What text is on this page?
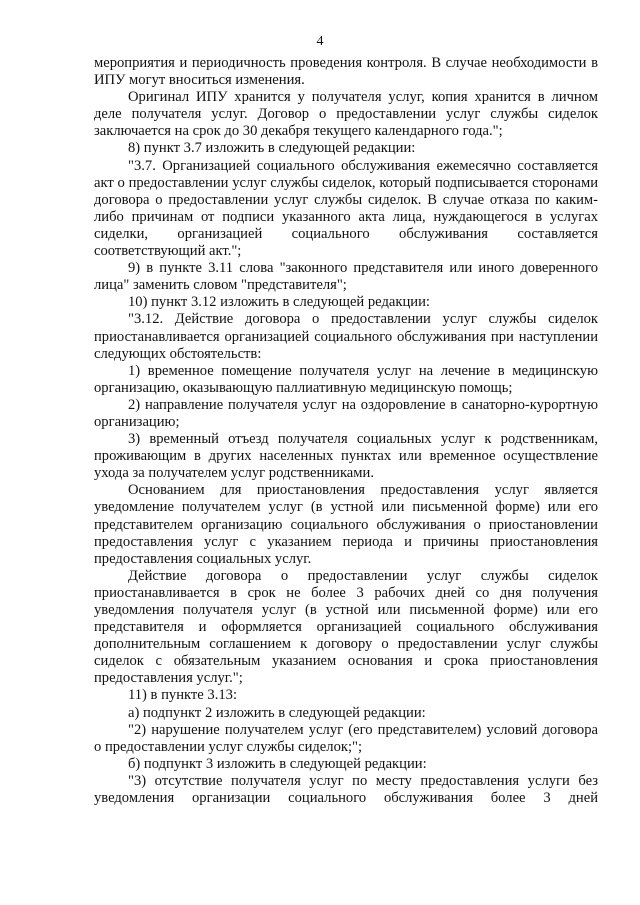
4

мероприятия и периодичность проведения контроля. В случае необходимости в ИПУ могут вноситься изменения.

Оригинал ИПУ хранится у получателя услуг, копия хранится в личном деле получателя услуг. Договор о предоставлении услуг службы сиделок заключается на срок до 30 декабря текущего календарного года.";

8) пункт 3.7 изложить в следующей редакции:

"3.7. Организацией социального обслуживания ежемесячно составляется акт о предоставлении услуг службы сиделок, который подписывается сторонами договора о предоставлении услуг службы сиделок. В случае отказа по каким-либо причинам от подписи указанного акта лица, нуждающегося в услугах сиделки, организацией социального обслуживания составляется соответствующий акт.";

9) в пункте 3.11 слова "законного представителя или иного доверенного лица" заменить словом "представителя";

10) пункт 3.12 изложить в следующей редакции:

"3.12. Действие договора о предоставлении услуг службы сиделок приостанавливается организацией социального обслуживания при наступлении следующих обстоятельств:

1) временное помещение получателя услуг на лечение в медицинскую организацию, оказывающую паллиативную медицинскую помощь;

2) направление получателя услуг на оздоровление в санаторно-курортную организацию;

3) временный отъезд получателя социальных услуг к родственникам, проживающим в других населенных пунктах или временное осуществление ухода за получателем услуг родственниками.

Основанием для приостановления предоставления услуг является уведомление получателем услуг (в устной или письменной форме) или его представителем организацию социального обслуживания о приостановлении предоставления услуг с указанием периода и причины приостановления предоставления социальных услуг.

Действие договора о предоставлении услуг службы сиделок приостанавливается в срок не более 3 рабочих дней со дня получения уведомления получателя услуг (в устной или письменной форме) или его представителя и оформляется организацией социального обслуживания дополнительным соглашением к договору о предоставлении услуг службы сиделок с обязательным указанием основания и срока приостановления предоставления услуг.";

11) в пункте 3.13:

а) подпункт 2 изложить в следующей редакции:

"2) нарушение получателем услуг (его представителем) условий договора о предоставлении услуг службы сиделок;";

б) подпункт 3 изложить в следующей редакции:

"3) отсутствие получателя услуг по месту предоставления услуги без уведомления организации социального обслуживания более 3 дней
